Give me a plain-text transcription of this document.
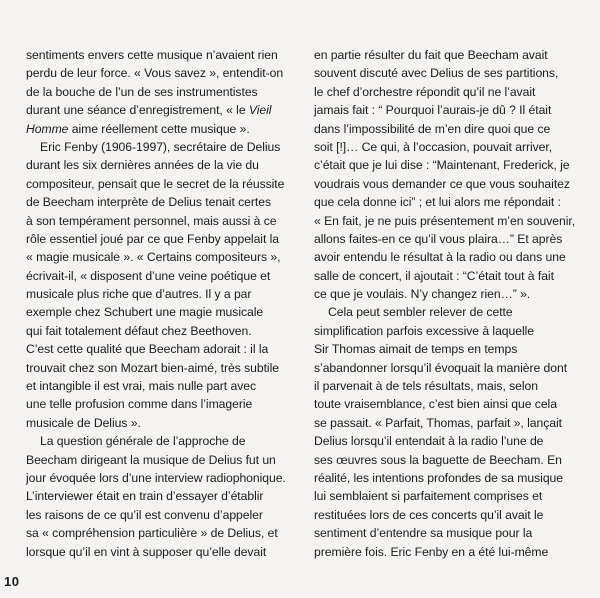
sentiments envers cette musique n’avaient rien
perdu de leur force. « Vous savez », entendit-on
de la bouche de l’un de ses instrumentistes
durant une séance d’enregistrement, « le Vieil
Homme aime réellement cette musique ».
Eric Fenby (1906-1997), secrétaire de Delius
durant les six dernières années de la vie du
compositeur, pensait que le secret de la réussite
de Beecham interprète de Delius tenait certes
à son tempérament personnel, mais aussi à ce
rôle essentiel joué par ce que Fenby appelait la
« magie musicale ». « Certains compositeurs »,
écrivait-il, « disposent d’une veine poétique et
musicale plus riche que d’autres. Il y a par
exemple chez Schubert une magie musicale
qui fait totalement défaut chez Beethoven.
C’est cette qualité que Beecham adorait : il la
trouvait chez son Mozart bien-aimé, très subtile
et intangible il est vrai, mais nulle part avec
une telle profusion comme dans l’imagerie
musicale de Delius ».
La question générale de l’approche de
Beecham dirigeant la musique de Delius fut un
jour évoquée lors d’une interview radiophonique.
L’interviewer était en train d’essayer d’établir
les raisons de ce qu’il est convenu d’appeler
sa « compréhension particulière » de Delius, et
lorsque qu’il en vint à supposer qu’elle devait
en partie résulter du fait que Beecham avait
souvent discuté avec Delius de ses partitions,
le chef d’orchestre répondit qu’il ne l’avait
jamais fait : “ Pourquoi l’aurais-je dû ? Il était
dans l’impossibilité de m’en dire quoi que ce
soit [!]… Ce qui, à l’occasion, pouvait arriver,
c’était que je lui dise : “Maintenant, Frederick, je
voudrais vous demander ce que vous souhaitez
que cela donne ici” ; et lui alors me répondait :
« En fait, je ne puis présentement m’en souvenir,
allons faites-en ce qu’il vous plaira…” Et après
avoir entendu le résultat à la radio ou dans une
salle de concert, il ajoutait : “C’était tout à fait
ce que je voulais. N’y changez rien…” ».
Cela peut sembler relever de cette
simplification parfois excessive à laquelle
Sir Thomas aimait de temps en temps
s’abandonner lorsqu’il évoquait la manière dont
il parvenait à de tels résultats, mais, selon
toute vraisemblance, c’est bien ainsi que cela
se passait. « Parfait, Thomas, parfait », lançait
Delius lorsqu’il entendait à la radio l’une de
ses œuvres sous la baguette de Beecham. En
réalité, les intentions profondes de sa musique
lui semblaient si parfaitement comprises et
restituées lors de ces concerts qu’il avait le
sentiment d’entendre sa musique pour la
première fois. Eric Fenby en a été lui-même
10
